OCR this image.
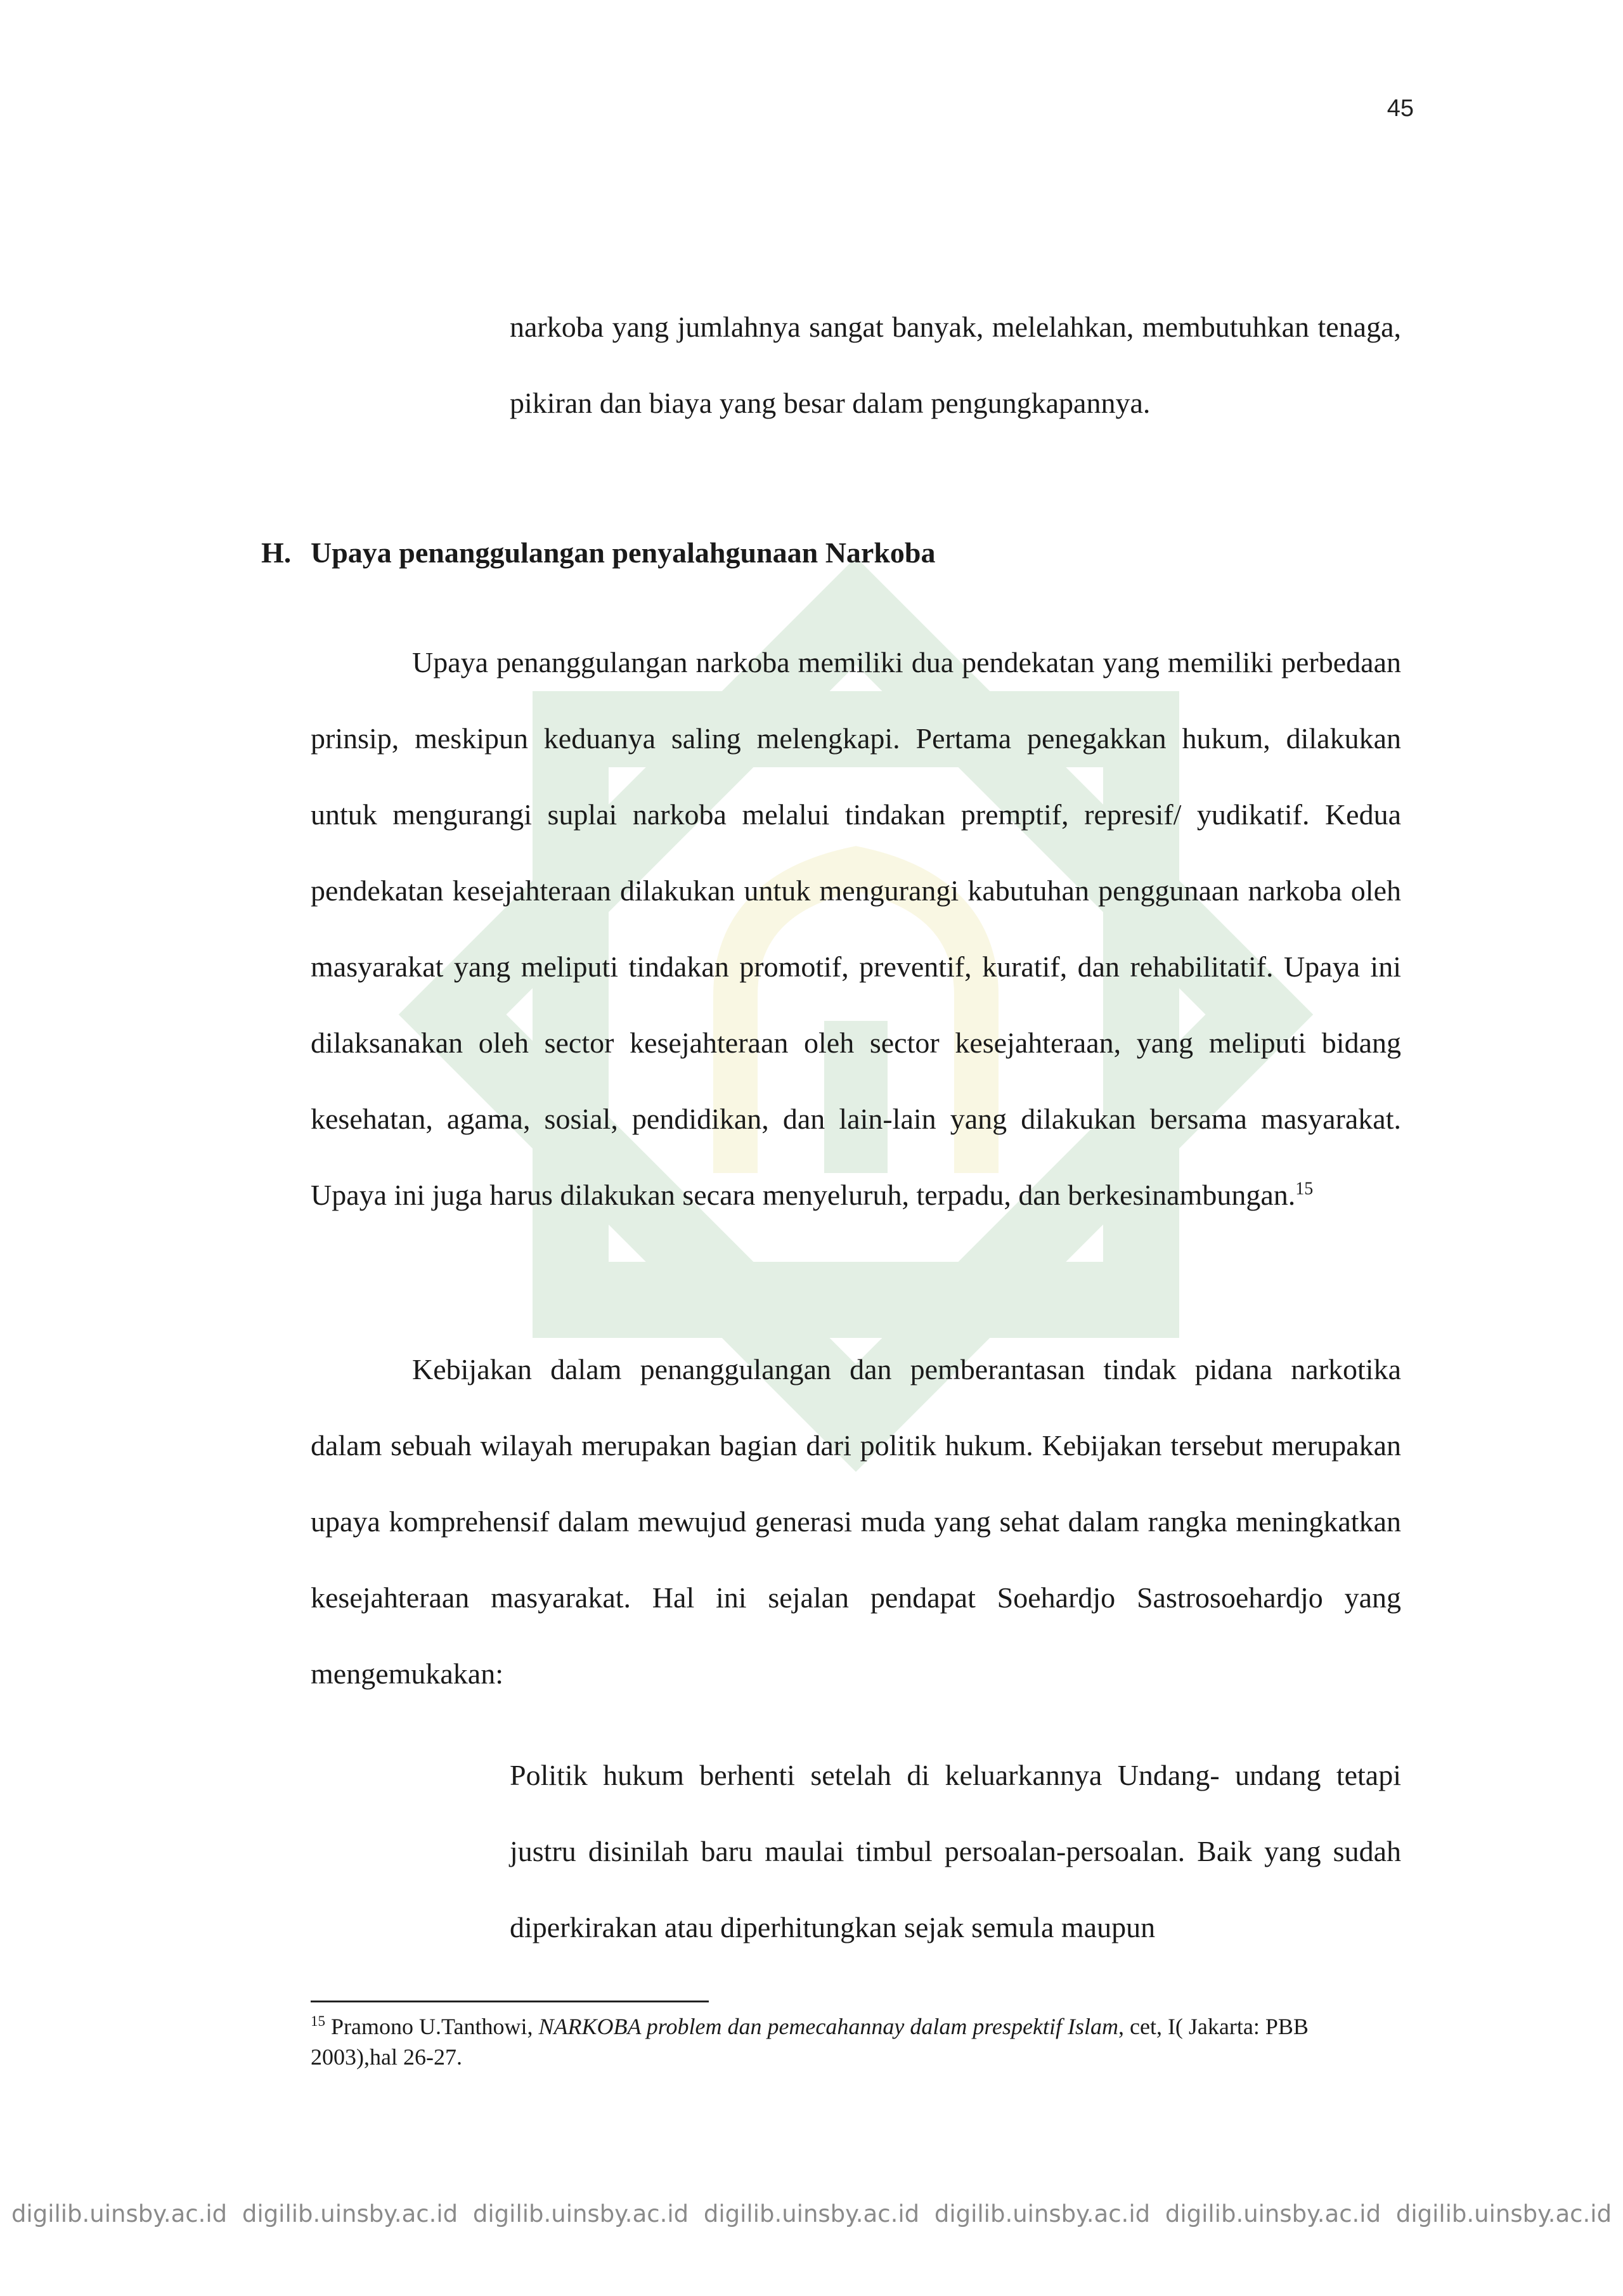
45

narkoba yang jumlahnya sangat banyak, melelahkan, membutuhkan tenaga, pikiran dan biaya yang besar dalam pengungkapannya.

H. Upaya penanggulangan penyalahgunaan Narkoba

Upaya penanggulangan narkoba memiliki dua pendekatan yang memiliki perbedaan prinsip, meskipun keduanya saling melengkapi. Pertama penegakkan hukum, dilakukan untuk mengurangi suplai narkoba melalui tindakan premptif, represif/ yudikatif. Kedua pendekatan kesejahteraan dilakukan untuk mengurangi kabutuhan penggunaan narkoba oleh masyarakat yang meliputi tindakan promotif, preventif, kuratif, dan rehabilitatif. Upaya ini dilaksanakan oleh sector kesejahteraan oleh sector kesejahteraan, yang meliputi bidang kesehatan, agama, sosial, pendidikan, dan lain-lain yang dilakukan bersama masyarakat. Upaya ini juga harus dilakukan secara menyeluruh, terpadu, dan berkesinambungan.$^{15}$

Kebijakan dalam penanggulangan dan pemberantasan tindak pidana narkotika dalam sebuah wilayah merupakan bagian dari politik hukum. Kebijakan tersebut merupakan upaya komprehensif dalam mewujud generasi muda yang sehat dalam rangka meningkatkan kesejahteraan masyarakat. Hal ini sejalan pendapat Soehardjo Sastrosoehardjo yang mengemukakan:

Politik hukum berhenti setelah di keluarkannya Undang- undang tetapi justru disinilah baru maulai timbul persoalan-persoalan. Baik yang sudah diperkirakan atau diperhitungkan sejak semula maupun

$^{15}$ Pramono U.Tanthowi, NARKOBA problem dan pemecahannay dalam prespektif Islam, cet, I( Jakarta: PBB 2003),hal 26-27.

digilib.uinsby.ac.id digilib.uinsby.ac.id digilib.uinsby.ac.id digilib.uinsby.ac.id digilib.uinsby.ac.id digilib.uinsby.ac.id digilib.uinsby.ac.id
